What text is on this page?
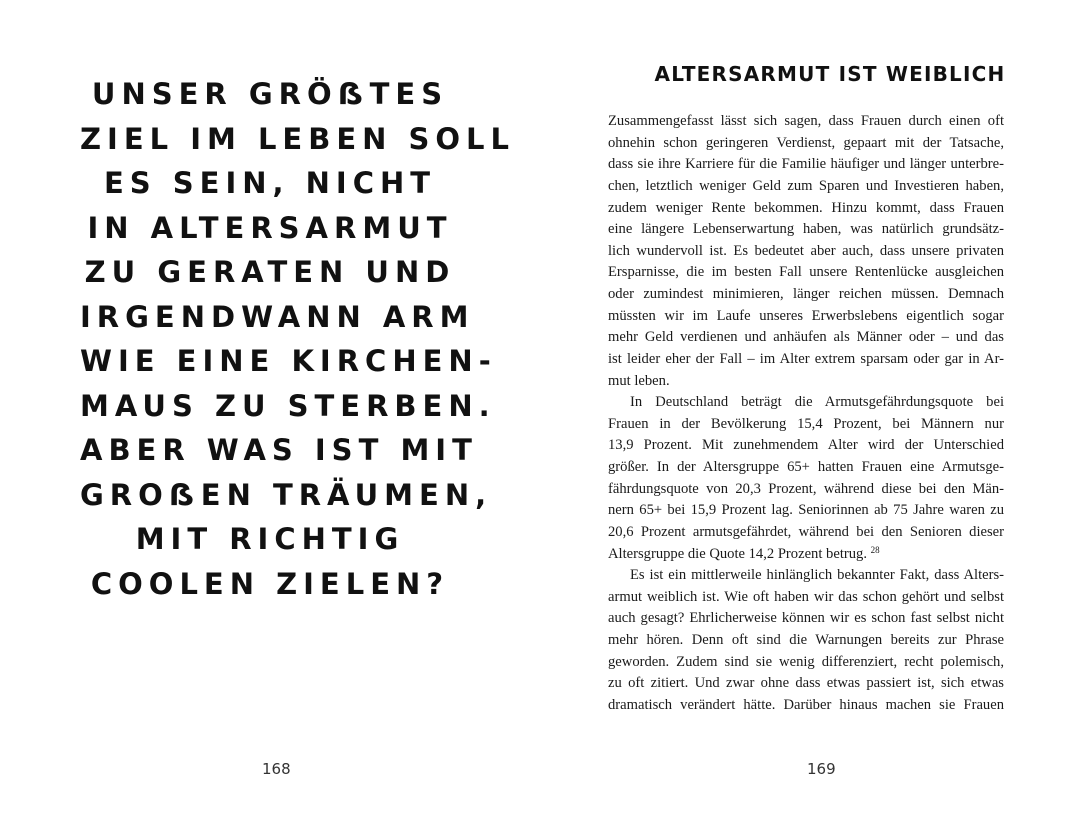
UNSER GRÖẞTES
ZIEL IM LEBEN SOLL
ES SEIN, NICHT
IN ALTERSARMUT
ZU GERATEN UND
IRGENDWANN ARM
WIE EINE KIRCHEN-
MAUS ZU STERBEN.
ABER WAS IST MIT
GROẞEN TRÄUMEN,
MIT RICHTIG
COOLEN ZIELEN?
168
ALTERSARMUT IST WEIBLICH
Zusammengefasst lässt sich sagen, dass Frauen durch einen oft
ohnehin schon geringeren Verdienst, gepaart mit der Tatsache,
dass sie ihre Karriere für die Familie häufiger und länger unterbre-
chen, letztlich weniger Geld zum Sparen und Investieren haben,
zudem weniger Rente bekommen. Hinzu kommt, dass Frauen
eine längere Lebenserwartung haben, was natürlich grundsätz-
lich wundervoll ist. Es bedeutet aber auch, dass unsere privaten
Ersparnisse, die im besten Fall unsere Rentenlücke ausgleichen
oder zumindest minimieren, länger reichen müssen. Demnach
müssten wir im Laufe unseres Erwerbslebens eigentlich sogar
mehr Geld verdienen und anhäufen als Männer oder – und das
ist leider eher der Fall – im Alter extrem sparsam oder gar in Ar-
mut leben.
In Deutschland beträgt die Armutsgefährdungsquote bei
Frauen in der Bevölkerung 15,4 Prozent, bei Männern nur
13,9 Prozent. Mit zunehmendem Alter wird der Unterschied
größer. In der Altersgruppe 65+ hatten Frauen eine Armutsge-
fährdungsquote von 20,3 Prozent, während diese bei den Män-
nern 65+ bei 15,9 Prozent lag. Seniorinnen ab 75 Jahre waren zu
20,6 Prozent armutsgefährdet, während bei den Senioren dieser
Altersgruppe die Quote 14,2 Prozent betrug. $^{28}$
Es ist ein mittlerweile hinlänglich bekannter Fakt, dass Alters-
armut weiblich ist. Wie oft haben wir das schon gehört und selbst
auch gesagt? Ehrlicherweise können wir es schon fast selbst nicht
mehr hören. Denn oft sind die Warnungen bereits zur Phrase
geworden. Zudem sind sie wenig differenziert, recht polemisch,
zu oft zitiert. Und zwar ohne dass etwas passiert ist, sich etwas
dramatisch verändert hätte. Darüber hinaus machen sie Frauen
169
